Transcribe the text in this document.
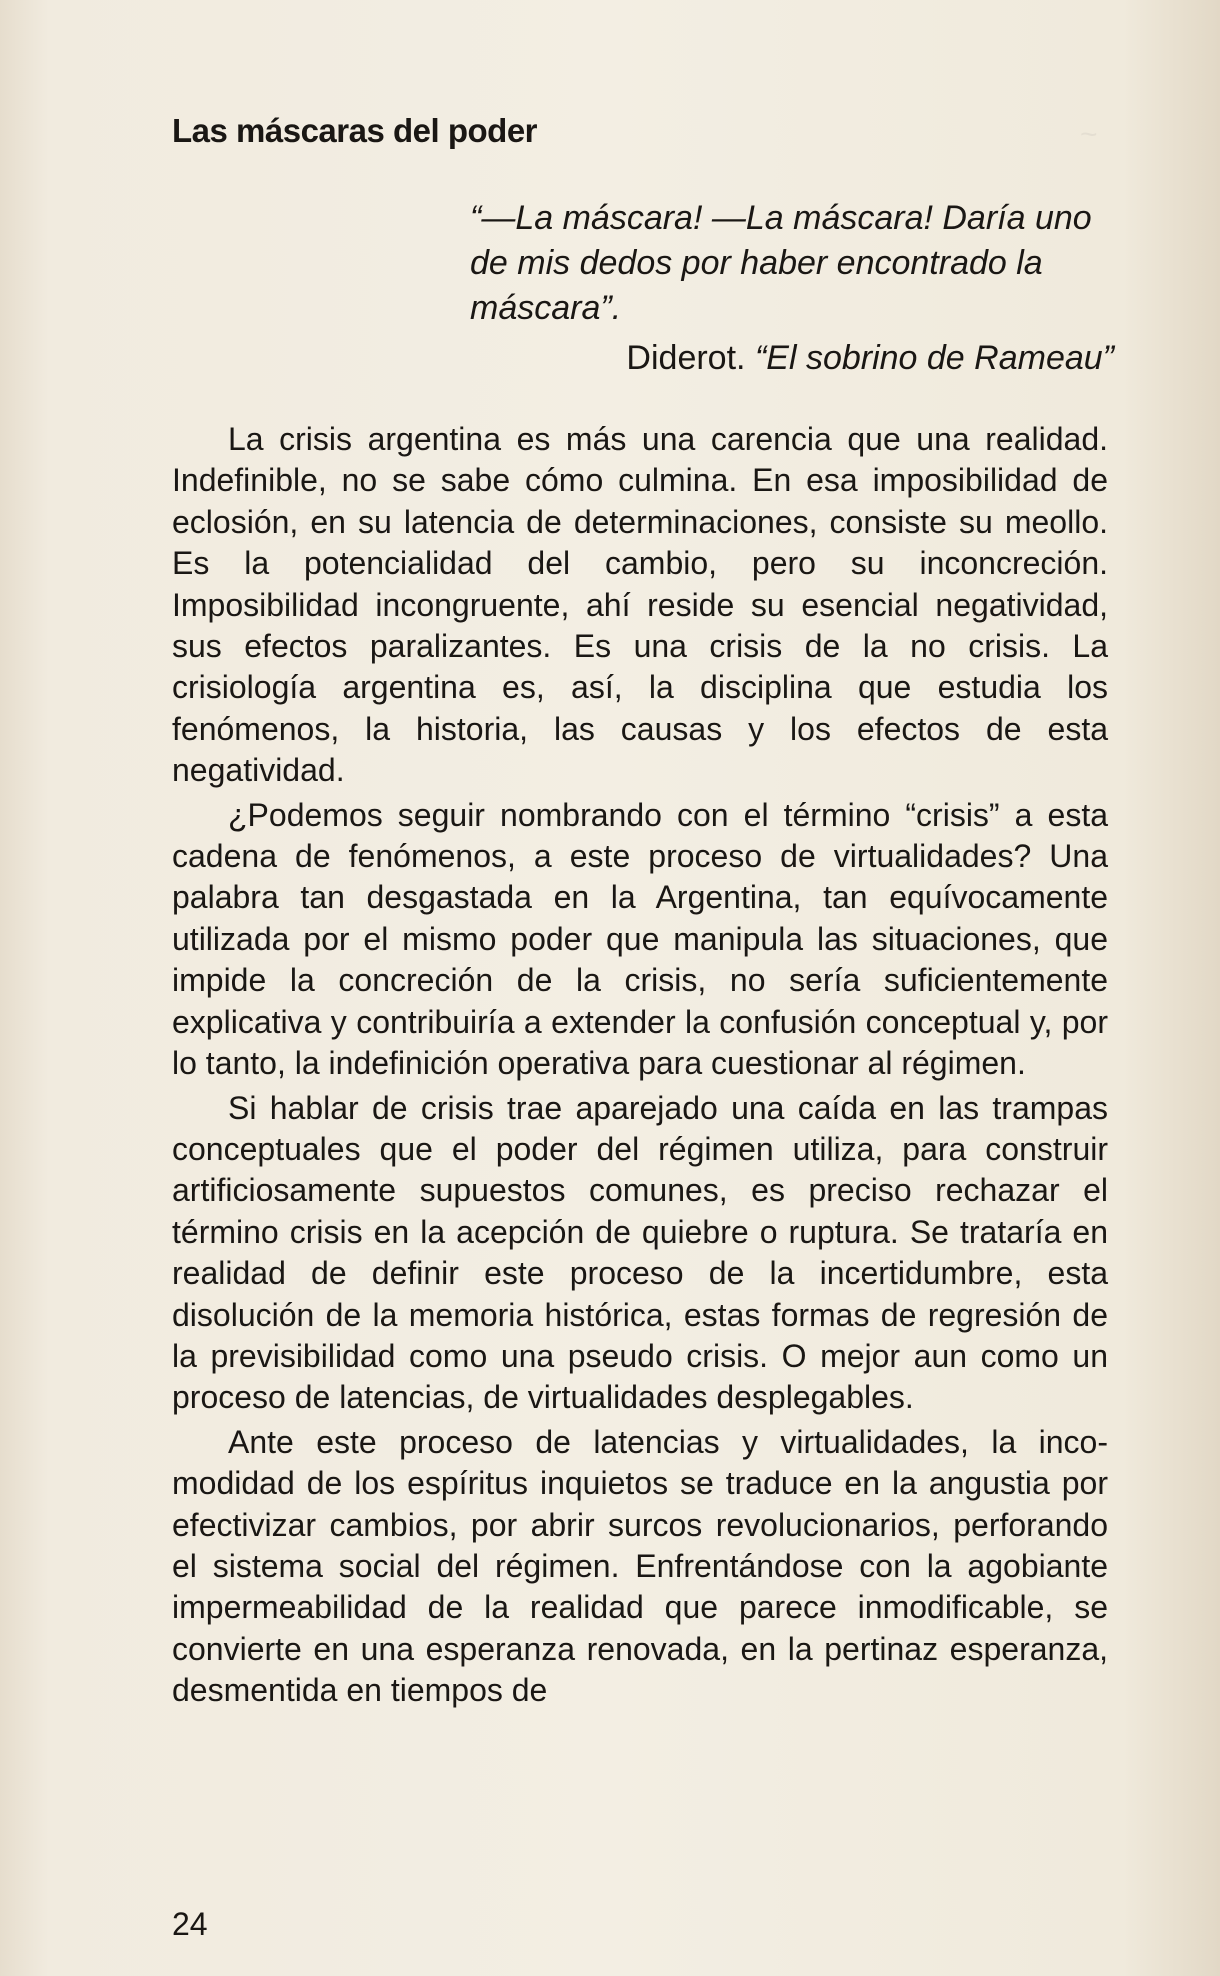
~
Las máscaras del poder

“—La máscara! —La máscara! Daría uno de mis dedos por haber encontrado la máscara”.

Diderot. “El sobrino de Rameau”

La crisis argentina es más una carencia que una realidad. Indefinible, no se sabe cómo culmina. En esa imposibilidad de eclosión, en su latencia de determinaciones, consiste su meollo. Es la potencialidad del cambio, pero su inconcreción. Imposibilidad incongruente, ahí reside su esencial negatividad, sus efectos paralizantes. Es una crisis de la no crisis. La crisiología argentina es, así, la disciplina que estudia los fenómenos, la historia, las causas y los efectos de esta negatividad.

¿Podemos seguir nombrando con el término “crisis” a esta cadena de fenómenos, a este proceso de virtualidades? Una palabra tan desgastada en la Argentina, tan equívocamente utilizada por el mismo poder que manipula las situaciones, que impide la concreción de la crisis, no sería suficientemente explicativa y contribuiría a extender la confusión conceptual y, por lo tanto, la indefinición operativa para cuestionar al régimen.

Si hablar de crisis trae aparejado una caída en las trampas conceptuales que el poder del régimen utiliza, para construir artificiosamente supuestos comunes, es preciso rechazar el término crisis en la acepción de quiebre o ruptura. Se trataría en realidad de definir este proceso de la incertidumbre, esta disolución de la memoria histórica, estas formas de regresión de la previsibilidad como una pseudo crisis. O mejor aun como un proceso de latencias, de virtualidades desplegables.

Ante este proceso de latencias y virtualidades, la incomodidad de los espíritus inquietos se traduce en la angustia por efectivizar cambios, por abrir surcos revolucionarios, perforando el sistema social del régimen. Enfrentándose con la agobiante impermeabilidad de la realidad que parece inmodificable, se convierte en una esperanza renovada, en la pertinaz esperanza, desmentida en tiempos de

24
